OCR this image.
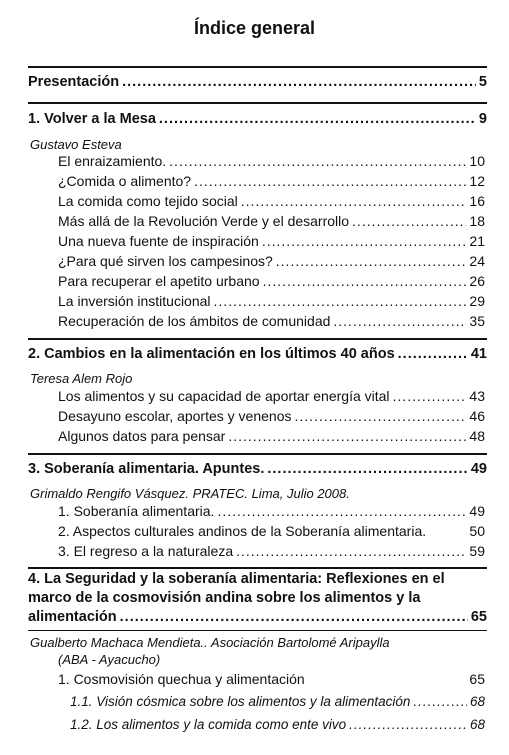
Índice general
Presentación .....	5
1. Volver a la Mesa .....	9
Gustavo Esteva
El enraizamiento. .....	10
¿Comida o alimento? .....	12
La comida como tejido social .....	16
Más allá de la Revolución Verde y el desarrollo .....	18
Una nueva fuente de inspiración .....	21
¿Para qué sirven los campesinos? .....	24
Para recuperar el apetito urbano .....	26
La inversión institucional .....	29
Recuperación de los ámbitos de comunidad .....	35
2. Cambios en la alimentación en los últimos 40 años .....	41
Teresa Alem Rojo
Los alimentos y su capacidad de aportar energía vital .....	43
Desayuno escolar, aportes y venenos .....	46
Algunos datos para pensar .....	48
3. Soberanía alimentaria. Apuntes. .....	49
Grimaldo Rengifo Vásquez. PRATEC. Lima, Julio 2008.
1. Soberanía alimentaria. .....	49
2. Aspectos culturales andinos de la Soberanía alimentaria.	50
3. El regreso a la naturaleza .....	59
4. La Seguridad y la soberanía alimentaria: Reflexiones en el
marco de la cosmovisión andina sobre los alimentos y la
alimentación .....	65
Gualberto Machaca Mendieta.. Asociación Bartolomé Aripaylla
(ABA - Ayacucho)
1. Cosmovisión quechua y alimentación	65
1.1. Visión cósmica sobre los alimentos y la alimentación .....	68
1.2. Los alimentos y la comida como ente vivo .....	68
